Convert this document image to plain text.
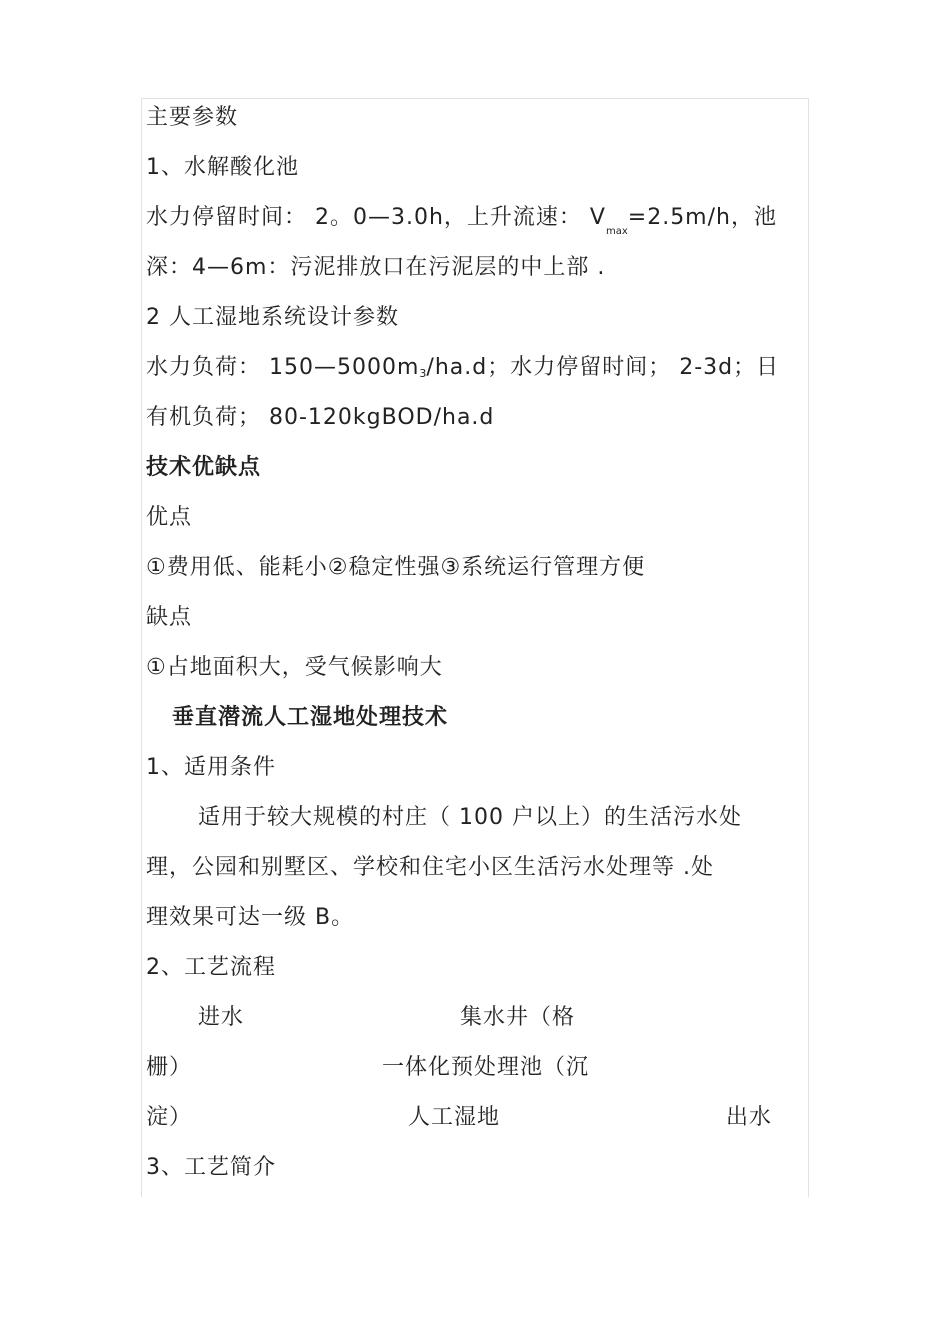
主要参数
1、水解酸化池
水力停留时间： 2。0—3.0h，上升流速： $V_{max}=2.5m/h$，池
深：4—6m：污泥排放口在污泥层的中上部 .
2 人工湿地系统设计参数
水力负荷： 150—5000m3/ha.d；水力停留时间； 2-3d；日
有机负荷； 80-120kgBOD/ha.d
技术优缺点
优点
①费用低、能耗小②稳定性强③系统运行管理方便
缺点
①占地面积大，受气候影响大
垂直潜流人工湿地处理技术
1、适用条件
适用于较大规模的村庄（ 100 户以上）的生活污水处
理，公园和别墅区、学校和住宅小区生活污水处理等 .处
理效果可达一级 B。
2、工艺流程
进水	集水井（格
栅）	一体化预处理池（沉
淀）	人工湿地	出水
3、工艺简介
